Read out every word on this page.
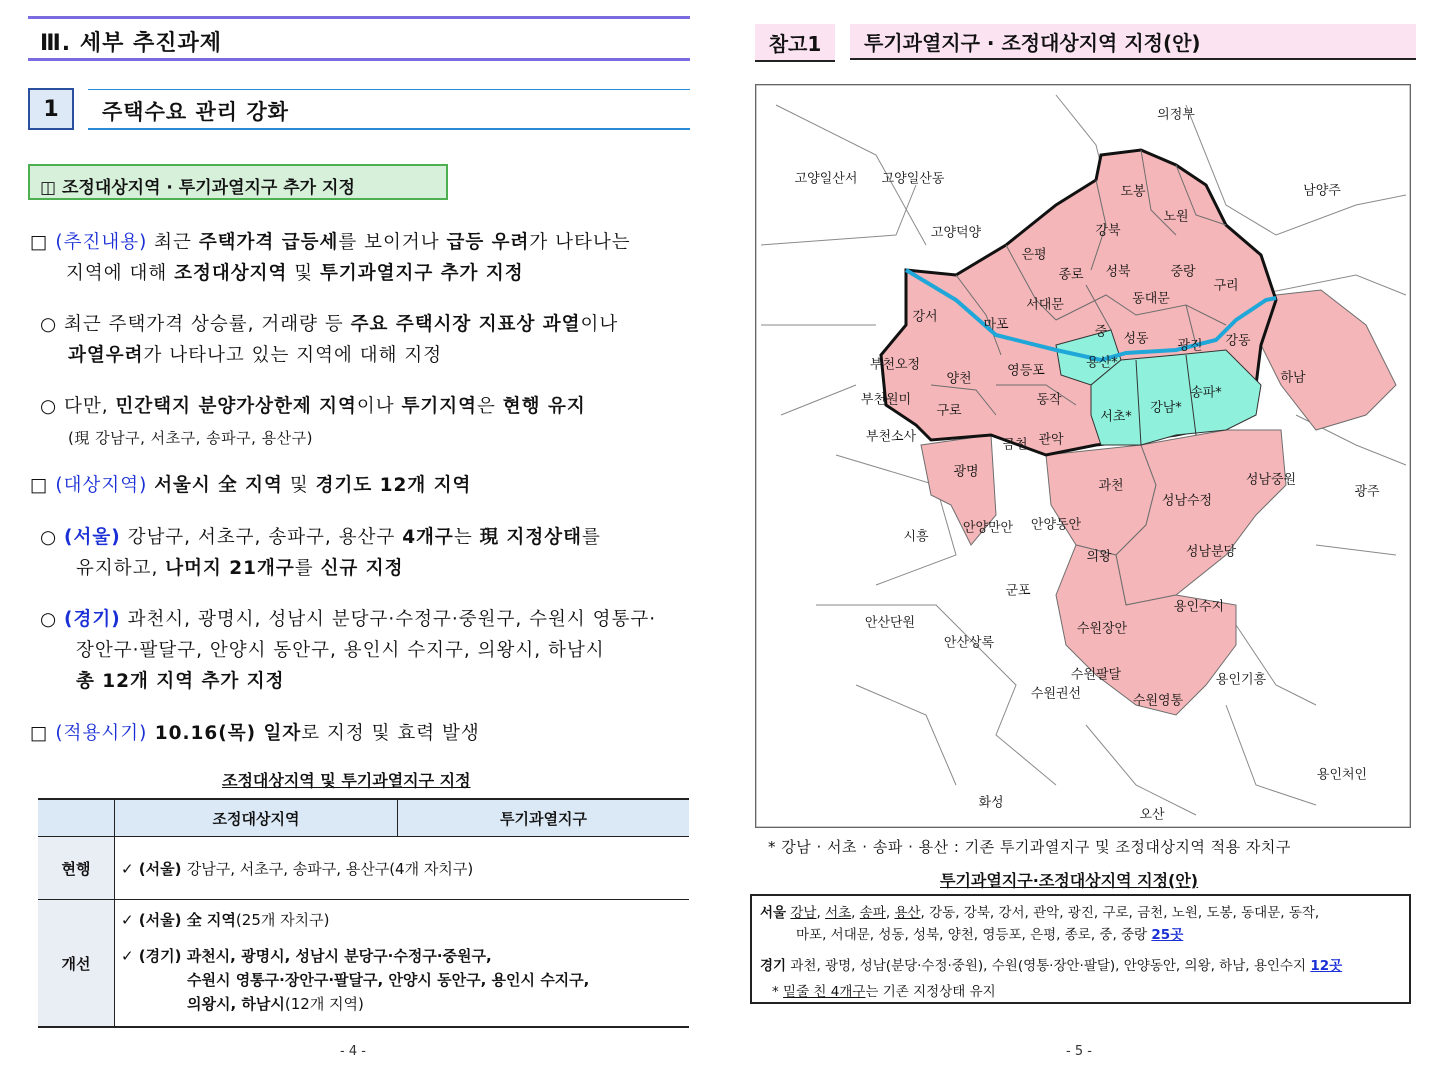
Ⅲ. 세부 추진과제
1	주택수요 관리 강화
◫ 조정대상지역 · 투기과열지구 추가 지정
□ (추진내용) 최근 주택가격 급등세를 보이거나 급등 우려가 나타나는
지역에 대해 조정대상지역 및 투기과열지구 추가 지정
○ 최근 주택가격 상승률, 거래량 등 주요 주택시장 지표상 과열이나
과열우려가 나타나고 있는 지역에 대해 지정
○ 다만, 민간택지 분양가상한제 지역이나 투기지역은 현행 유지
(現 강남구, 서초구, 송파구, 용산구)
□ (대상지역) 서울시 全 지역 및 경기도 12개 지역
○ (서울) 강남구, 서초구, 송파구, 용산구 4개구는 現 지정상태를
유지하고, 나머지 21개구를 신규 지정
○ (경기) 과천시, 광명시, 성남시 분당구·수정구·중원구, 수원시 영통구·
장안구·팔달구, 안양시 동안구, 용인시 수지구, 의왕시, 하남시
총 12개 지역 추가 지정
□ (적용시기) 10.16(목) 일자로 지정 및 효력 발생
조정대상지역 및 투기과열지구 지정
	조정대상지역	투기과열지구
현행	✓ (서울) 강남구, 서초구, 송파구, 용산구(4개 자치구)	
개선	✓ (서울) 全 지역(25개 자치구)

✓ (경기) 과천시, 광명시, 성남시 분당구·수정구·중원구,
수원시 영통구·장안구·팔달구, 안양시 동안구, 용인시 수지구,
의왕시, 하남시(12개 지역)	
- 4 -
참고1	투기과열지구 · 조정대상지역 지정(안)
의정부
고양일산서 고양일산동
남양주
고양덕양
도봉
노원
강북
은평
성북	중랑
종로
구리
서대문	동대문
강서
마포	중 성동 광진 강동
부천오정	용산*
하남
양천
영등포
송파*
부천원미
강남*
구로
동작
서초*
부천소사
금천 관악
광명
과천	성남중원
광주
성남수정
시흥
안양만안 안양동안
의왕	성남분당
군포
안산단원
용인수지
수원장안
안산상록
수원팔달	용인기흥
수원권선	수원영통
용인처인
화성
오산
* 강남 · 서초 · 송파 · 용산 : 기존 투기과열지구 및 조정대상지역 적용 자치구
투기과열지구·조정대상지역 지정(안)
서울 강남, 서초, 송파, 용산, 강동, 강북, 강서, 관악, 광진, 구로, 금천, 노원, 도봉, 동대문, 동작,
마포, 서대문, 성동, 성북, 양천, 영등포, 은평, 종로, 중, 중랑 25곳
경기 과천, 광명, 성남(분당·수정·중원), 수원(영통·장안·팔달), 안양동안, 의왕, 하남, 용인수지 12곳
* 밑줄 친 4개구는 기존 지정상태 유지
- 5 -
